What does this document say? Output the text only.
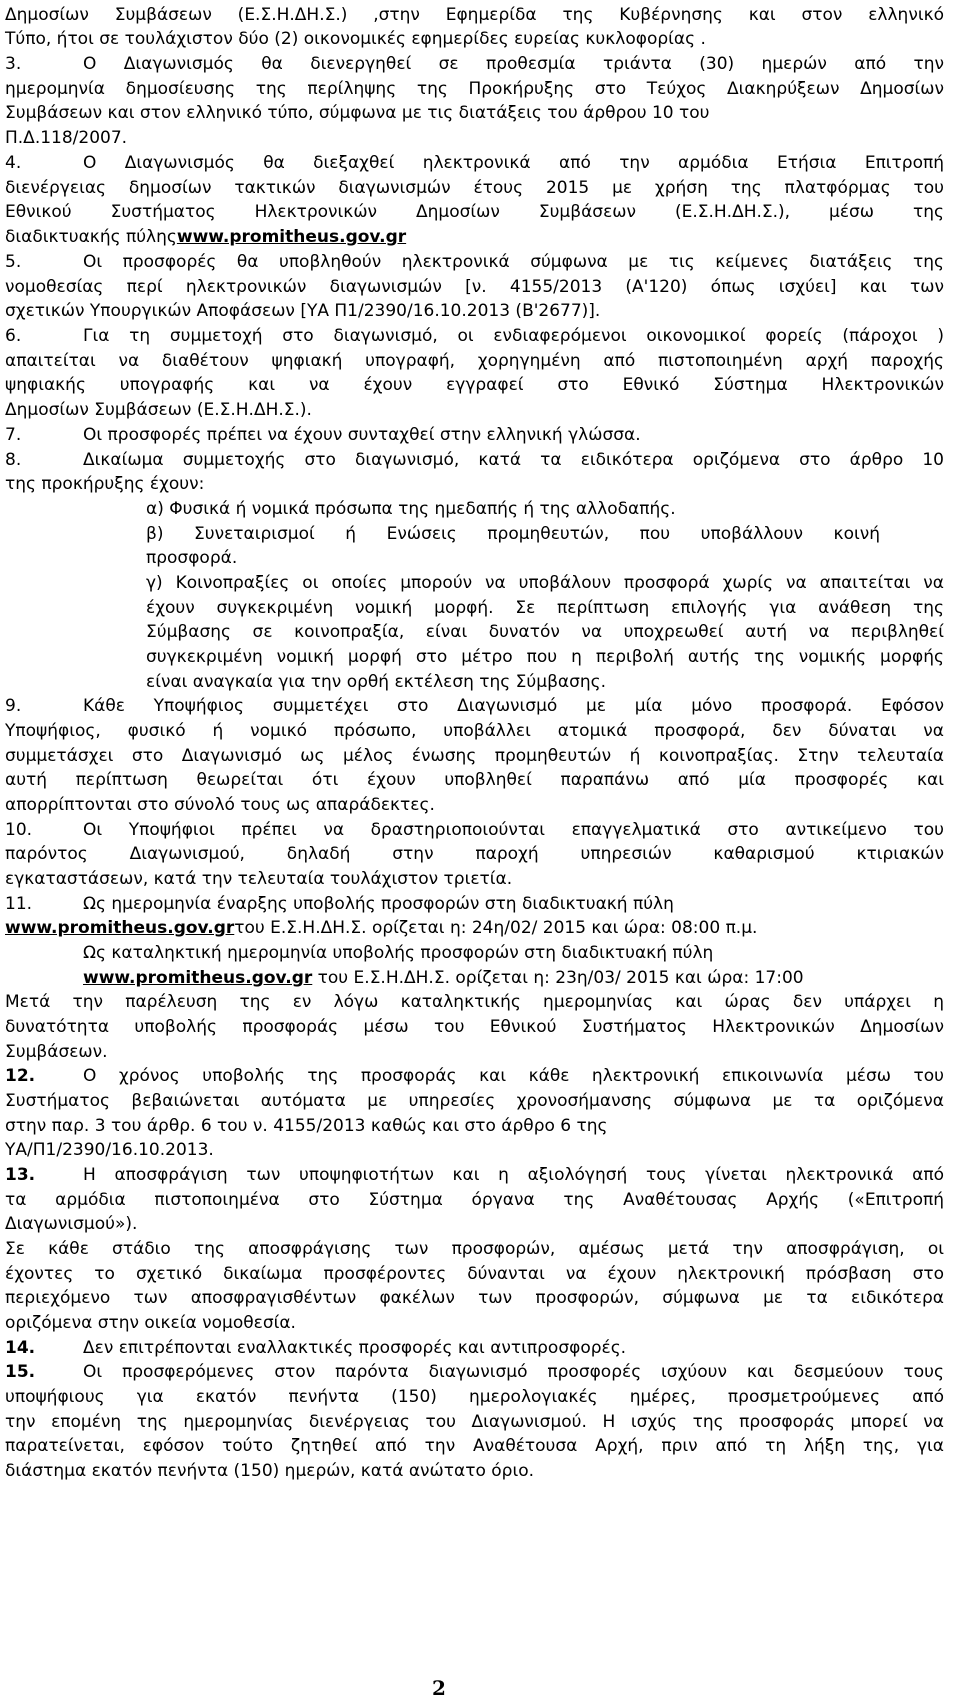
Δημοσίων Συμβάσεων (Ε.Σ.Η.ΔΗ.Σ.) ,στην Εφημερίδα της Κυβέρνησης και στον ελληνικό
Τύπο, ήτοι σε τουλάχιστον δύο (2) οικονομικές εφημερίδες ευρείας κυκλοφορίας .
3.	Ο Διαγωνισμός θα διενεργηθεί σε προθεσμία τριάντα (30) ημερών από την
ημερομηνία δημοσίευσης της περίληψης της Προκήρυξης στο Τεύχος Διακηρύξεων Δημοσίων
Συμβάσεων και στον ελληνικό τύπο, σύμφωνα με τις διατάξεις του άρθρου 10 του
Π.Δ.118/2007.
4.	Ο Διαγωνισμός θα διεξαχθεί ηλεκτρονικά από την αρμόδια Ετήσια Επιτροπή
διενέργειας δημοσίων τακτικών διαγωνισμών έτους 2015 με χρήση της πλατφόρμας του
Εθνικού Συστήματος Ηλεκτρονικών Δημοσίων Συμβάσεων (Ε.Σ.Η.ΔΗ.Σ.), μέσω της
διαδικτυακής πύληςwww.promitheus.gov.gr
5.	Οι προσφορές θα υποβληθούν ηλεκτρονικά σύμφωνα με τις κείμενες διατάξεις της
νομοθεσίας περί ηλεκτρονικών διαγωνισμών [ν. 4155/2013 (Α'120) όπως ισχύει] και των
σχετικών Υπουργικών Αποφάσεων [ΥΑ Π1/2390/16.10.2013 (Β'2677)].
6.	Για τη συμμετοχή στο διαγωνισμό, οι ενδιαφερόμενοι οικονομικοί φορείς (πάροχοι )
απαιτείται να διαθέτουν ψηφιακή υπογραφή, χορηγημένη από πιστοποιημένη αρχή παροχής
ψηφιακής υπογραφής και να έχουν εγγραφεί στο Εθνικό Σύστημα Ηλεκτρονικών
Δημοσίων Συμβάσεων (Ε.Σ.Η.ΔΗ.Σ.).
7.	Οι προσφορές πρέπει να έχουν συνταχθεί στην ελληνική γλώσσα.
8.	Δικαίωμα συμμετοχής στο διαγωνισμό, κατά τα ειδικότερα οριζόμενα στο άρθρο 10
της προκήρυξης έχουν:
α) Φυσικά ή νομικά πρόσωπα της ημεδαπής ή της αλλοδαπής.
β) Συνεταιρισμοί ή Ενώσεις προμηθευτών, που υποβάλλουν κοινή
προσφορά.
γ) Κοινοπραξίες οι οποίες μπορούν να υποβάλουν προσφορά χωρίς να απαιτείται να
έχουν συγκεκριμένη νομική μορφή. Σε περίπτωση επιλογής για ανάθεση της
Σύμβασης σε κοινοπραξία, είναι δυνατόν να υποχρεωθεί αυτή να περιβληθεί
συγκεκριμένη νομική μορφή στο μέτρο που η περιβολή αυτής της νομικής μορφής
είναι αναγκαία για την ορθή εκτέλεση της Σύμβασης.
9.	Κάθε Υποψήφιος συμμετέχει στο Διαγωνισμό με μία μόνο προσφορά. Εφόσον
Υποψήφιος, φυσικό ή νομικό πρόσωπο, υποβάλλει ατομικά προσφορά, δεν δύναται να
συμμετάσχει στο Διαγωνισμό ως μέλος ένωσης προμηθευτών ή κοινοπραξίας. Στην τελευταία
αυτή περίπτωση θεωρείται ότι έχουν υποβληθεί παραπάνω από μία προσφορές και
απορρίπτονται στο σύνολό τους ως απαράδεκτες.
10.	Οι Υποψήφιοι πρέπει να δραστηριοποιούνται επαγγελματικά στο αντικείμενο του
παρόντος Διαγωνισμού, δηλαδή στην παροχή υπηρεσιών καθαρισμού κτιριακών
εγκαταστάσεων, κατά την τελευταία τουλάχιστον τριετία.
11.	Ως ημερομηνία έναρξης υποβολής προσφορών στη διαδικτυακή πύλη
www.promitheus.gov.grτου Ε.Σ.Η.ΔΗ.Σ. ορίζεται η: 24η/02/ 2015 και ώρα: 08:00 π.μ.
Ως καταληκτική ημερομηνία υποβολής προσφορών στη διαδικτυακή πύλη
www.promitheus.gov.gr του Ε.Σ.Η.ΔΗ.Σ. ορίζεται η: 23η/03/ 2015 και ώρα: 17:00
Μετά την παρέλευση της εν λόγω καταληκτικής ημερομηνίας και ώρας δεν υπάρχει η
δυνατότητα υποβολής προσφοράς μέσω του Εθνικού Συστήματος Ηλεκτρονικών Δημοσίων
Συμβάσεων.
12.	Ο χρόνος υποβολής της προσφοράς και κάθε ηλεκτρονική επικοινωνία μέσω του
Συστήματος βεβαιώνεται αυτόματα με υπηρεσίες χρονοσήμανσης σύμφωνα με τα οριζόμενα
στην παρ. 3 του άρθρ. 6 του ν. 4155/2013 καθώς και στο άρθρο 6 της
ΥΑ/Π1/2390/16.10.2013.
13.	Η αποσφράγιση των υποψηφιοτήτων και η αξιολόγησή τους γίνεται ηλεκτρονικά από
τα αρμόδια πιστοποιημένα στο Σύστημα όργανα της Αναθέτουσας Αρχής («Επιτροπή
Διαγωνισμού»).
Σε κάθε στάδιο της αποσφράγισης των προσφορών, αμέσως μετά την αποσφράγιση, οι
έχοντες το σχετικό δικαίωμα προσφέροντες δύνανται να έχουν ηλεκτρονική πρόσβαση στο
περιεχόμενο των αποσφραγισθέντων φακέλων των προσφορών, σύμφωνα με τα ειδικότερα
οριζόμενα στην οικεία νομοθεσία.
14.	Δεν επιτρέπονται εναλλακτικές προσφορές και αντιπροσφορές.
15.	Οι προσφερόμενες στον παρόντα διαγωνισμό προσφορές ισχύουν και δεσμεύουν τους
υποψήφιους για εκατόν πενήντα (150) ημερολογιακές ημέρες, προσμετρούμενες από
την επομένη της ημερομηνίας διενέργειας του Διαγωνισμού. Η ισχύς της προσφοράς μπορεί να
παρατείνεται, εφόσον τούτο ζητηθεί από την Αναθέτουσα Αρχή, πριν από τη λήξη της, για
διάστημα εκατόν πενήντα (150) ημερών, κατά ανώτατο όριο.
2
